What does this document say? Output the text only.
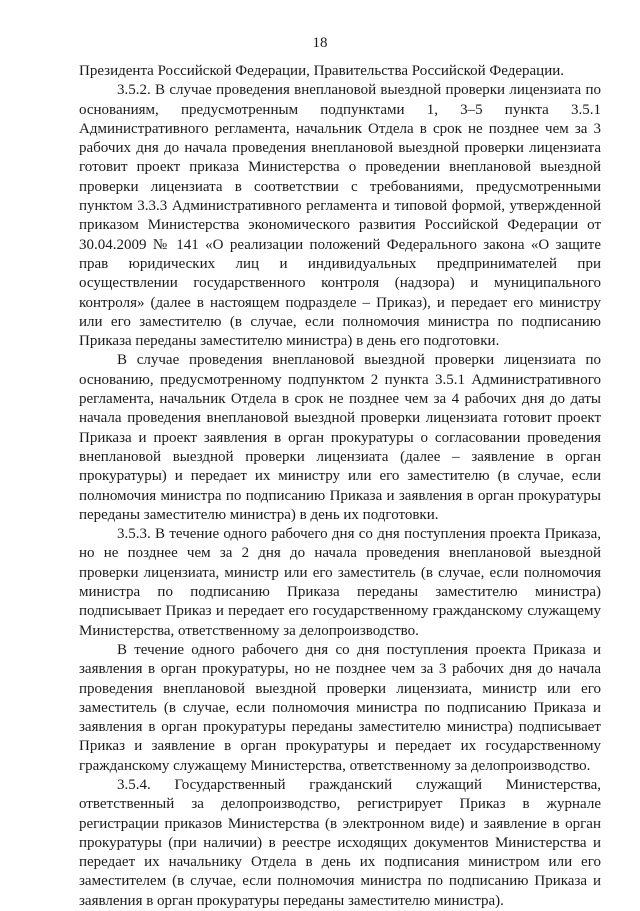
18

Президента Российской Федерации, Правительства Российской Федерации.

3.5.2. В случае проведения внеплановой выездной проверки лицензиата по основаниям, предусмотренным подпунктами 1, 3–5 пункта 3.5.1 Административного регламента, начальник Отдела в срок не позднее чем за 3 рабочих дня до начала проведения внеплановой выездной проверки лицензиата готовит проект приказа Министерства о проведении внеплановой выездной проверки лицензиата в соответствии с требованиями, предусмотренными пунктом 3.3.3 Административного регламента и типовой формой, утвержденной приказом Министерства экономического развития Российской Федерации от 30.04.2009 № 141 «О реализации положений Федерального закона «О защите прав юридических лиц и индивидуальных предпринимателей при осуществлении государственного контроля (надзора) и муниципального контроля» (далее в настоящем подразделе – Приказ), и передает его министру или его заместителю (в случае, если полномочия министра по подписанию Приказа переданы заместителю министра) в день его подготовки.

В случае проведения внеплановой выездной проверки лицензиата по основанию, предусмотренному подпунктом 2 пункта 3.5.1 Административного регламента, начальник Отдела в срок не позднее чем за 4 рабочих дня до даты начала проведения внеплановой выездной проверки лицензиата готовит проект Приказа и проект заявления в орган прокуратуры о согласовании проведения внеплановой выездной проверки лицензиата (далее – заявление в орган прокуратуры) и передает их министру или его заместителю (в случае, если полномочия министра по подписанию Приказа и заявления в орган прокуратуры переданы заместителю министра) в день их подготовки.

3.5.3. В течение одного рабочего дня со дня поступления проекта Приказа, но не позднее чем за 2 дня до начала проведения внеплановой выездной проверки лицензиата, министр или его заместитель (в случае, если полномочия министра по подписанию Приказа переданы заместителю министра) подписывает Приказ и передает его государственному гражданскому служащему Министерства, ответственному за делопроизводство.

В течение одного рабочего дня со дня поступления проекта Приказа и заявления в орган прокуратуры, но не позднее чем за 3 рабочих дня до начала проведения внеплановой выездной проверки лицензиата, министр или его заместитель (в случае, если полномочия министра по подписанию Приказа и заявления в орган прокуратуры переданы заместителю министра) подписывает Приказ и заявление в орган прокуратуры и передает их государственному гражданскому служащему Министерства, ответственному за делопроизводство.

3.5.4. Государственный гражданский служащий Министерства, ответственный за делопроизводство, регистрирует Приказ в журнале регистрации приказов Министерства (в электронном виде) и заявление в орган прокуратуры (при наличии) в реестре исходящих документов Министерства и передает их начальнику Отдела в день их подписания министром или его заместителем (в случае, если полномочия министра по подписанию Приказа и заявления в орган прокуратуры переданы заместителю министра).
